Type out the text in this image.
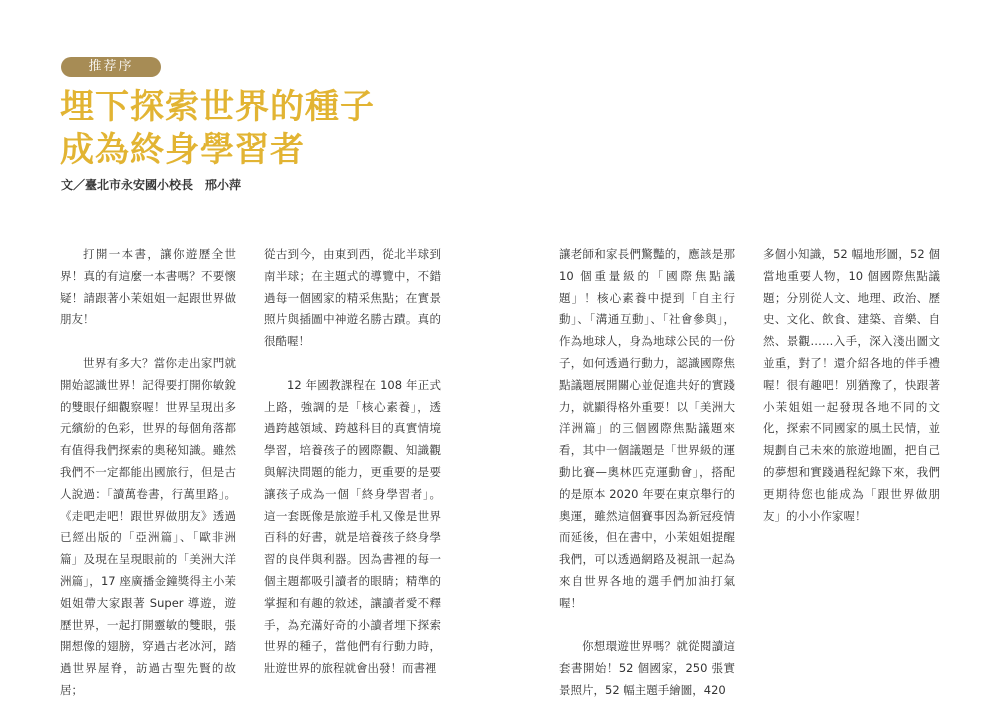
推荐序
埋下探索世界的種子
成為終身學習者
文／臺北市永安國小校長　邢小萍

打開一本書，讓你遊歷全世界！真的有這麼一本書嗎？不要懷疑！請跟著小茉姐姐一起跟世界做朋友！

世界有多大？當你走出家門就開始認識世界！記得要打開你敏銳的雙眼仔細觀察喔！世界呈現出多元繽紛的色彩，世界的每個角落都有值得我們探索的奧秘知識。雖然我們不一定都能出國旅行，但是古人說過：「讀萬卷書，行萬里路」。《走吧走吧！跟世界做朋友》透過已經出版的「亞洲篇」、「歐非洲篇」及現在呈現眼前的「美洲大洋洲篇」，17 座廣播金鐘獎得主小茉姐姐帶大家跟著 Super 導遊，遊歷世界，一起打開靈敏的雙眼，張開想像的翅膀，穿過古老冰河，踏過世界屋脊，訪過古聖先賢的故居；

從古到今，由東到西，從北半球到南半球；在主題式的導覽中，不錯過每一個國家的精采焦點；在實景照片與插圖中神遊名勝古蹟。真的很酷喔！

12 年國教課程在 108 年正式上路，強調的是「核心素養」，透過跨越領域、跨越科目的真實情境學習，培養孩子的國際觀、知識觀與解決問題的能力，更重要的是要讓孩子成為一個「終身學習者」。這一套既像是旅遊手札又像是世界百科的好書，就是培養孩子終身學習的良伴與利器。因為書裡的每一個主題都吸引讀者的眼睛；精準的掌握和有趣的敘述，讓讀者愛不釋手，為充滿好奇的小讀者埋下探索世界的種子，當他們有行動力時，壯遊世界的旅程就會出發！而書裡

讓老師和家長們驚豔的，應該是那 10 個重量級的「國際焦點議題」！核心素養中提到「自主行動」、「溝通互動」、「社會參與」，作為地球人，身為地球公民的一份子，如何透過行動力，認識國際焦點議題展開關心並促進共好的實踐力，就顯得格外重要！以「美洲大洋洲篇」的三個國際焦點議題來看，其中一個議題是「世界級的運動比賽—奧林匹克運動會」，搭配的是原本 2020 年要在東京舉行的奧運，雖然這個賽事因為新冠疫情而延後，但在書中，小茉姐姐提醒我們，可以透過網路及視訊一起為來自世界各地的選手們加油打氣喔！

你想環遊世界嗎？就從閱讀這套書開始！52 個國家，250 張實景照片，52 幅主題手繪圖，420

多個小知識，52 幅地形圖，52 個當地重要人物，10 個國際焦點議題；分別從人文、地理、政治、歷史、文化、飲食、建築、音樂、自然、景觀……入手，深入淺出圖文並重，對了！還介紹各地的伴手禮喔！很有趣吧！別猶豫了，快跟著小茉姐姐一起發現各地不同的文化，探索不同國家的風土民情，並規劃自己未來的旅遊地圖，把自己的夢想和實踐過程紀錄下來，我們更期待您也能成為「跟世界做朋友」的小小作家喔！
